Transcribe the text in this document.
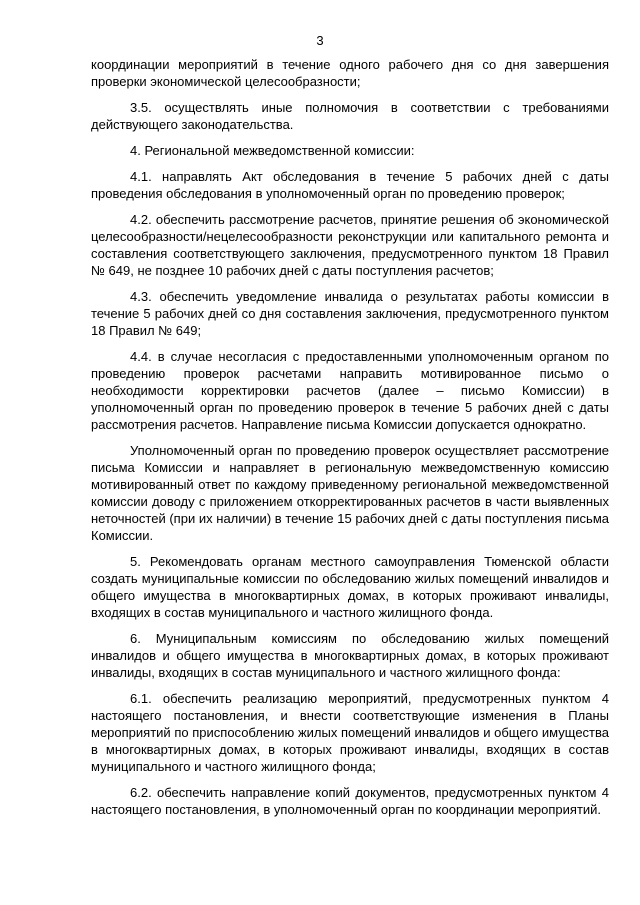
3

координации мероприятий в течение одного рабочего дня со дня завершения проверки экономической целесообразности;

3.5. осуществлять иные полномочия в соответствии с требованиями действующего законодательства.

4. Региональной межведомственной комиссии:

4.1. направлять Акт обследования в течение 5 рабочих дней с даты проведения обследования в уполномоченный орган по проведению проверок;

4.2. обеспечить рассмотрение расчетов, принятие решения об экономической целесообразности/нецелесообразности реконструкции или капитального ремонта и составления соответствующего заключения, предусмотренного пунктом 18 Правил № 649, не позднее 10 рабочих дней с даты поступления расчетов;

4.3. обеспечить уведомление инвалида о результатах работы комиссии в течение 5 рабочих дней со дня составления заключения, предусмотренного пунктом 18 Правил № 649;

4.4. в случае несогласия с предоставленными уполномоченным органом по проведению проверок расчетами направить мотивированное письмо о необходимости корректировки расчетов (далее – письмо Комиссии) в уполномоченный орган по проведению проверок в течение 5 рабочих дней с даты рассмотрения расчетов. Направление письма Комиссии допускается однократно.

Уполномоченный орган по проведению проверок осуществляет рассмотрение письма Комиссии и направляет в региональную межведомственную комиссию мотивированный ответ по каждому приведенному региональной межведомственной комиссии доводу с приложением откорректированных расчетов в части выявленных неточностей (при их наличии) в течение 15 рабочих дней с даты поступления письма Комиссии.

5. Рекомендовать органам местного самоуправления Тюменской области создать муниципальные комиссии по обследованию жилых помещений инвалидов и общего имущества в многоквартирных домах, в которых проживают инвалиды, входящих в состав муниципального и частного жилищного фонда.

6. Муниципальным комиссиям по обследованию жилых помещений инвалидов и общего имущества в многоквартирных домах, в которых проживают инвалиды, входящих в состав муниципального и частного жилищного фонда:

6.1. обеспечить реализацию мероприятий, предусмотренных пунктом 4 настоящего постановления, и внести соответствующие изменения в Планы мероприятий по приспособлению жилых помещений инвалидов и общего имущества в многоквартирных домах, в которых проживают инвалиды, входящих в состав муниципального и частного жилищного фонда;

6.2. обеспечить направление копий документов, предусмотренных пунктом 4 настоящего постановления, в уполномоченный орган по координации мероприятий.
